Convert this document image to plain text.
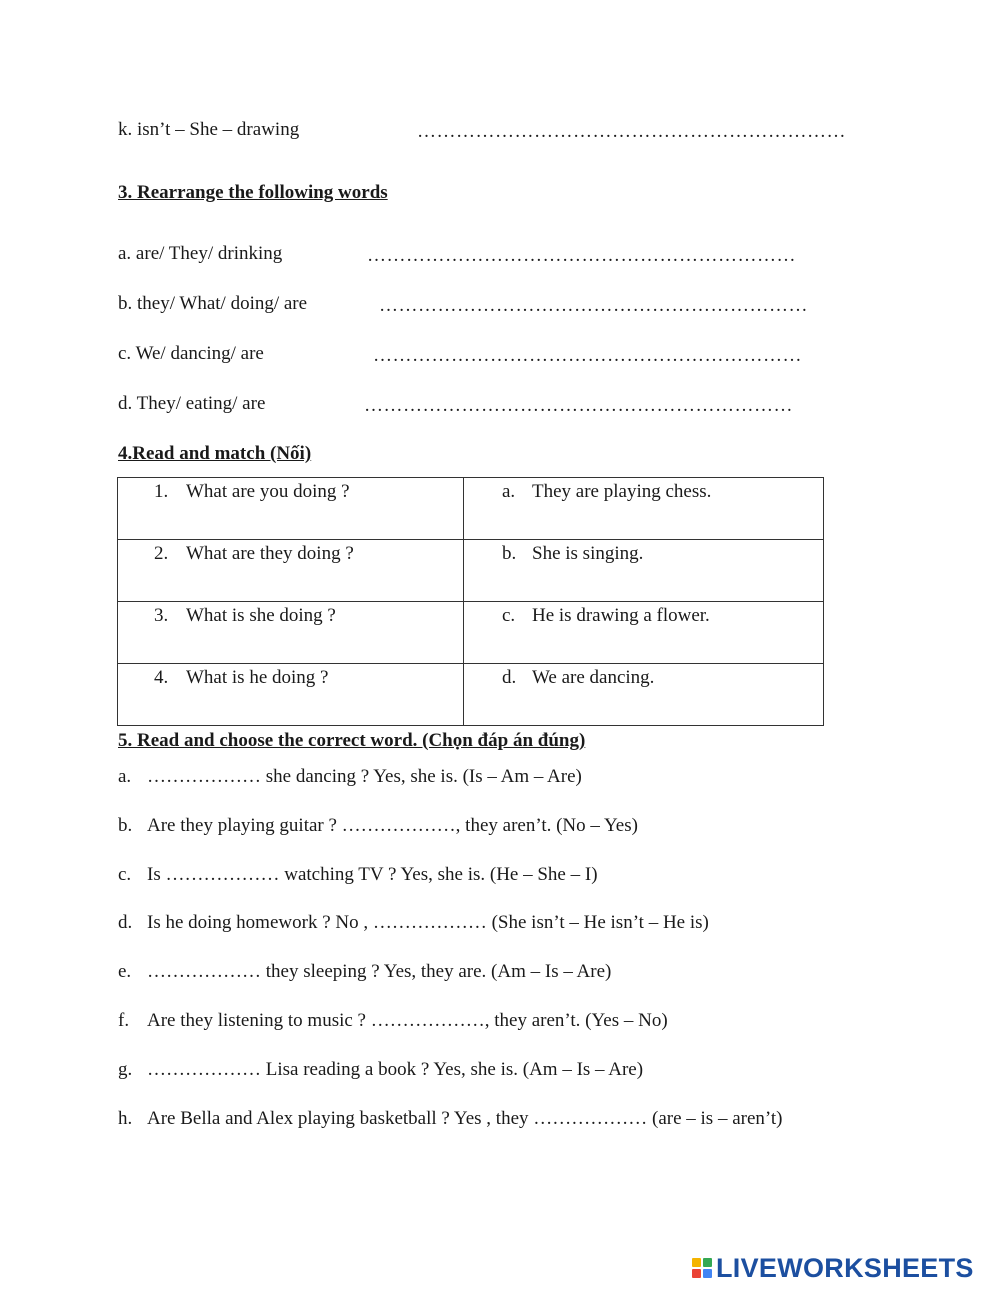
k. isn’t – She – drawing	…………………………………………………………
3. Rearrange the following words
a. are/ They/ drinking	…………………………………………………………
b. they/ What/ doing/ are	…………………………………………………………
c. We/ dancing/ are	…………………………………………………………
d. They/ eating/ are	…………………………………………………………
4.Read and match (Nối)
1. What are you doing ?	a. They are playing chess.

2. What are they doing ?	b. She is singing.

3. What is she doing ?	c. He is drawing a flower.

4. What is he doing ?	d. We are dancing.
5. Read and choose the correct word. (Chọn đáp án đúng)
a. ……………… she dancing ? Yes, she is. (Is – Am – Are)
b. Are they playing guitar ? ………………, they aren’t. (No – Yes)
c. Is ……………… watching TV ? Yes, she is. (He – She – I)
d. Is he doing homework ? No , ……………… (She isn’t – He isn’t – He is)
e. ……………… they sleeping ? Yes, they are. (Am – Is – Are)
f. Are they listening to music ? ………………, they aren’t. (Yes – No)
g. ……………… Lisa reading a book ? Yes, she is. (Am – Is – Are)
h. Are Bella and Alex playing basketball ? Yes , they ……………… (are – is – aren’t)
LIVEWORKSHEETS
